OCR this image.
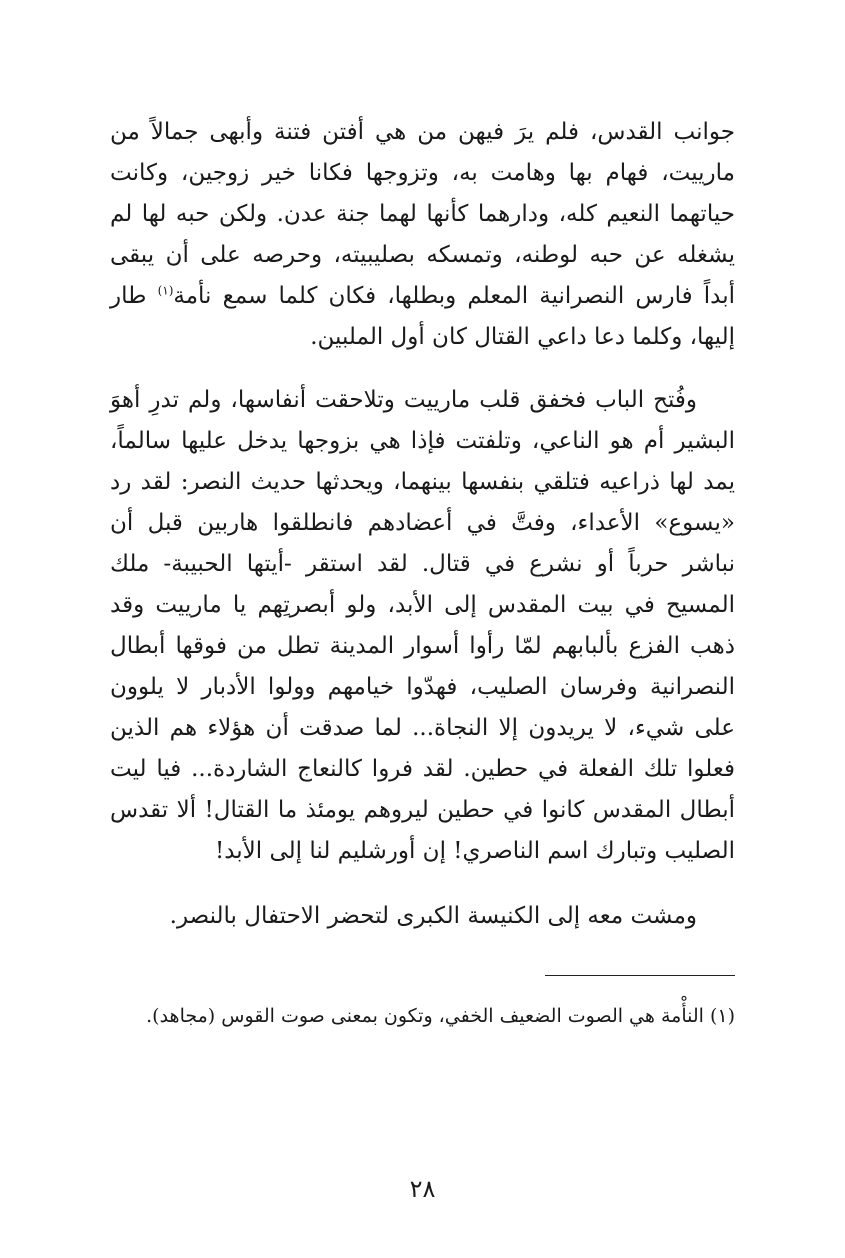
جوانب القدس، فلم يرَ فيهن من هي أفتن فتنة وأبهى جمالاً من مارييت، فهام بها وهامت به، وتزوجها فكانا خير زوجين، وكانت حياتهما النعيم كله، ودارهما كأنها لهما جنة عدن. ولكن حبه لها لم يشغله عن حبه لوطنه، وتمسكه بصليبيته، وحرصه على أن يبقى أبداً فارس النصرانية المعلم وبطلها، فكان كلما سمع نأمة$^{(١)}$ طار إليها، وكلما دعا داعي القتال كان أول الملبين.

وفُتح الباب فخفق قلب مارييت وتلاحقت أنفاسها، ولم تدرِ أهوَ البشير أم هو الناعي، وتلفتت فإذا هي بزوجها يدخل عليها سالماً، يمد لها ذراعيه فتلقي بنفسها بينهما، ويحدثها حديث النصر: لقد رد «يسوع» الأعداء، وفتَّ في أعضادهم فانطلقوا هاربين قبل أن نباشر حرباً أو نشرع في قتال. لقد استقر -أيتها الحبيبة- ملك المسيح في بيت المقدس إلى الأبد، ولو أبصرتِهم يا مارييت وقد ذهب الفزع بألبابهم لمّا رأوا أسوار المدينة تطل من فوقها أبطال النصرانية وفرسان الصليب، فهدّوا خيامهم وولوا الأدبار لا يلوون على شيء، لا يريدون إلا النجاة... لما صدقت أن هؤلاء هم الذين فعلوا تلك الفعلة في حطين. لقد فروا كالنعاج الشاردة... فيا ليت أبطال المقدس كانوا في حطين ليروهم يومئذ ما القتال! ألا تقدس الصليب وتبارك اسم الناصري! إن أورشليم لنا إلى الأبد!

ومشت معه إلى الكنيسة الكبرى لتحضر الاحتفال بالنصر.

(١) النأْمة هي الصوت الضعيف الخفي، وتكون بمعنى صوت القوس (مجاهد).

٢٨
